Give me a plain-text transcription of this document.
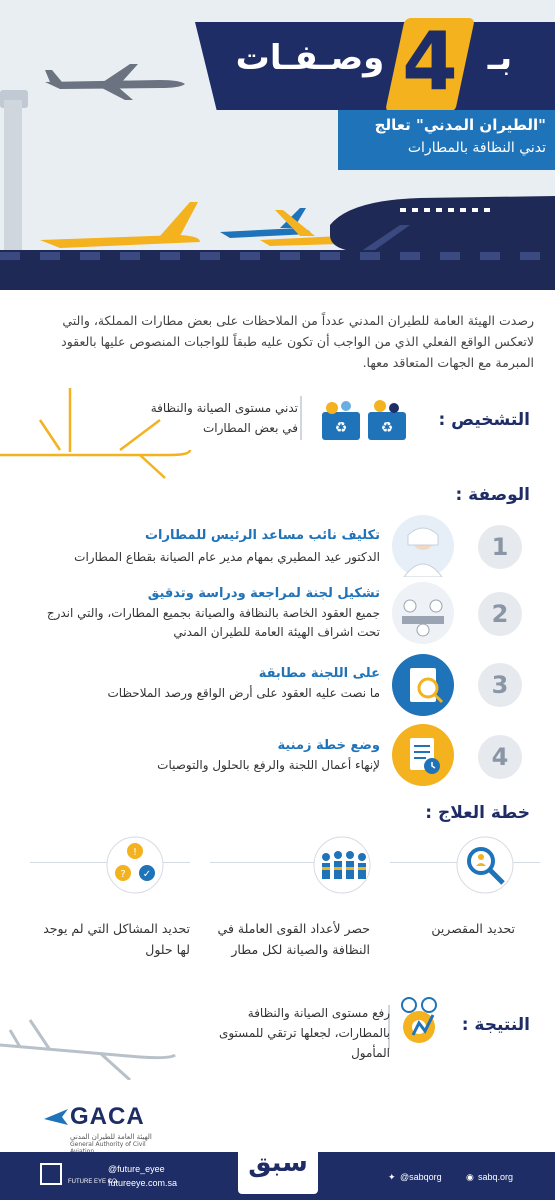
4 بـ
وصـفـات
"الطيران المدني" تعالج
تدني النظافة بالمطارات
رصدت الهيئة العامة للطيران المدني عدداً من الملاحظات على بعض مطارات المملكة، والتي لاتعكس الواقع الفعلي الذي من الواجب أن تكون عليه طبقاً للواجبات المنصوص عليها بالعقود المبرمة مع الجهات المتعاقد معها.
التشخيص :
♻ ♻
تدني مستوى الصيانة والنظافة في بعض المطارات
الوصفة :
1
تكليف نائب مساعد الرئيس للمطارات
الدكتور عيد المطيري بمهام مدير عام الصيانة بقطاع المطارات
2
تشكيل لجنة لمراجعة ودراسة وتدقيق
جميع العقود الخاصة بالنظافة والصيانة بجميع المطارات، والتي اندرج تحت اشراف الهيئة العامة للطيران المدني
3
على اللجنة مطابقة
ما نصت عليه العقود على أرض الواقع ورصد الملاحظات
4
وضع خطة زمنية
لإنهاء أعمال اللجنة والرفع بالحلول والتوصيات
خطة العلاج :
!
? ✓
تحديد المقصرين
حصر لأعداد القوى العاملة في النظافة والصيانة لكل مطار
تحديد المشاكل التي لم يوجد لها حلول
النتيجة :
رفع مستوى الصيانة والنظافة بالمطارات، لجعلها ترتقي للمستوى المأمول
GACA
الهيئة العامة للطيران المدني
General Authority of Civil
FUTURE EYE CO.
@future_eyee
futureeye.com.sa
سبق	✦ @sabqorg	◉ sabq.org
